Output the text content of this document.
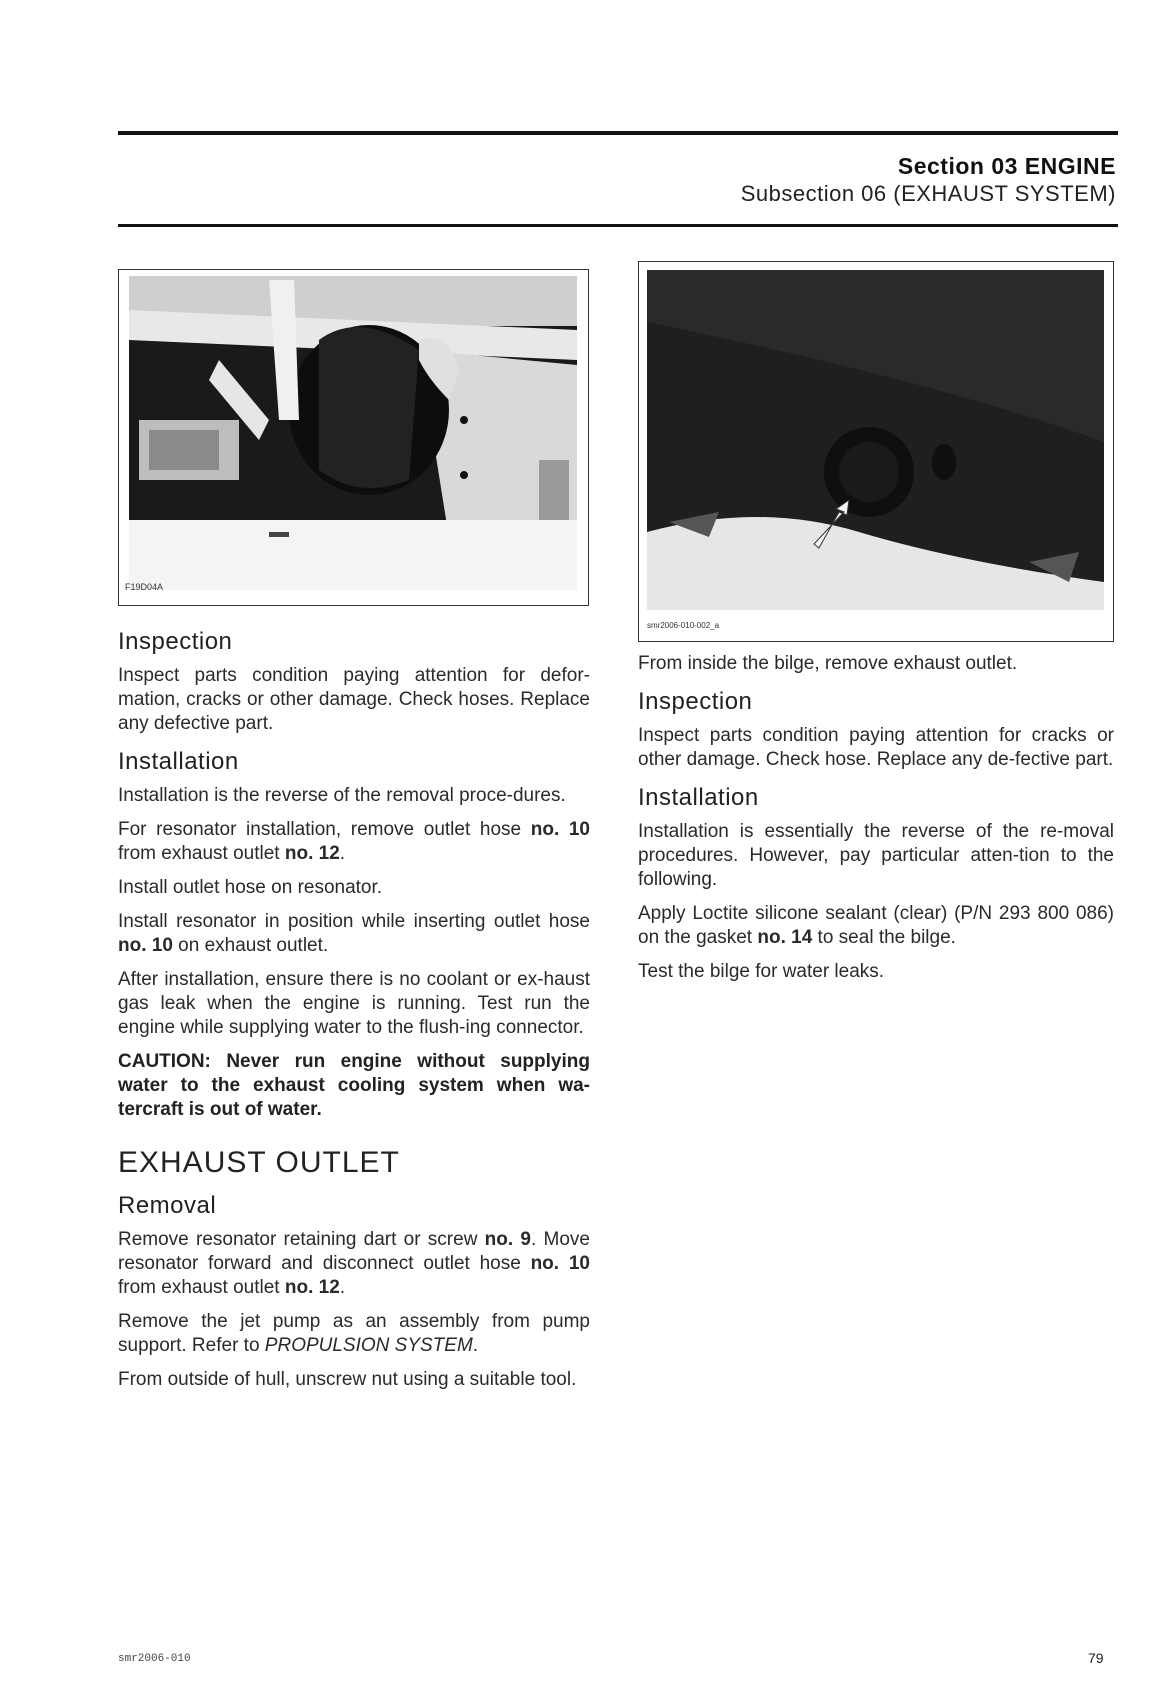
Section 03 ENGINE
Subsection 06 (EXHAUST SYSTEM)
F19D04A
smr2006-010-002_a
Inspection

Inspect parts condition paying attention for defor-mation, cracks or other damage. Check hoses. Replace any defective part.

Installation

Installation is the reverse of the removal proce-dures.

For resonator installation, remove outlet hose no. 10 from exhaust outlet no. 12.

Install outlet hose on resonator.

Install resonator in position while inserting outlet hose no. 10 on exhaust outlet.

After installation, ensure there is no coolant or ex-haust gas leak when the engine is running. Test run the engine while supplying water to the flush-ing connector.

CAUTION: Never run engine without supplying water to the exhaust cooling system when wa-tercraft is out of water.

EXHAUST OUTLET
Removal

Remove resonator retaining dart or screw no. 9. Move resonator forward and disconnect outlet hose no. 10 from exhaust outlet no. 12.

Remove the jet pump as an assembly from pump support. Refer to PROPULSION SYSTEM.

From outside of hull, unscrew nut using a suitable tool.

From inside the bilge, remove exhaust outlet.

Inspection

Inspect parts condition paying attention for cracks or other damage. Check hose. Replace any de-fective part.

Installation

Installation is essentially the reverse of the re-moval procedures. However, pay particular atten-tion to the following.

Apply Loctite silicone sealant (clear) (P/N 293 800 086) on the gasket no. 14 to seal the bilge.

Test the bilge for water leaks.

smr2006-010	79
